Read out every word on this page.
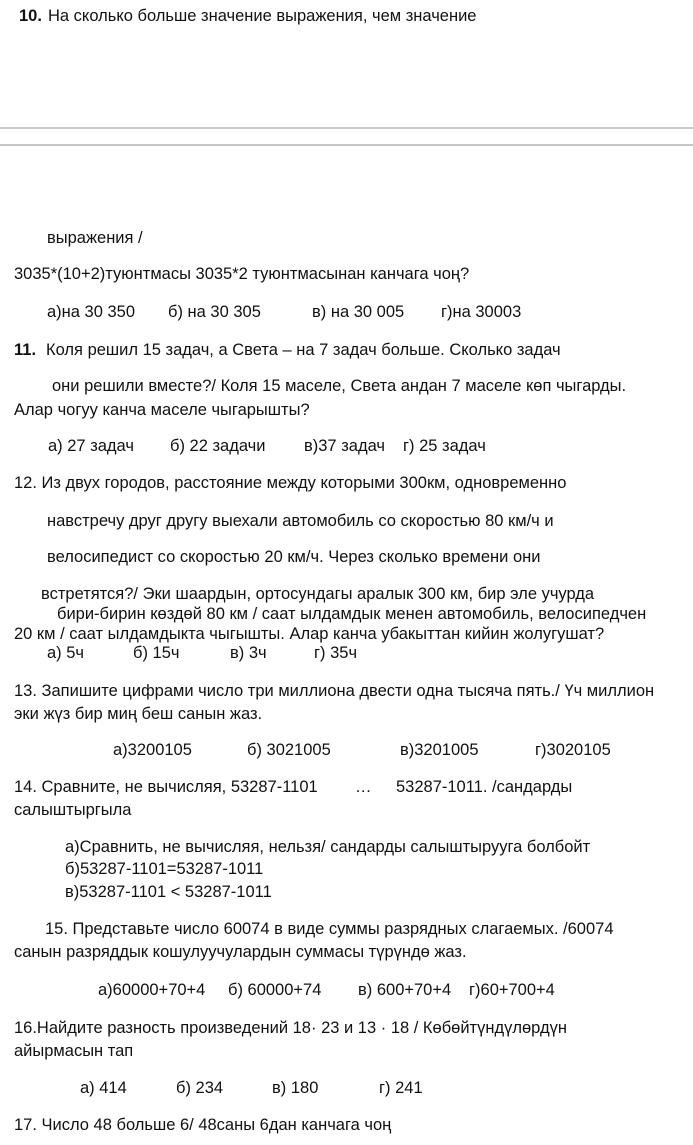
10. На сколько больше значение выражения, чем значение
выражения /
3035*(10+2)туюнтмасы 3035*2 туюнтмасынан канчага чоң?
а)на 30 350 б) на 30 305	в) на 30 005 г)на 30003
11. Коля решил 15 задач, а Света – на 7 задач больше. Сколько задач
они решили вместе?/ Коля 15 маселе, Света андан 7 маселе көп чыгарды.
Алар чогуу канча маселе чыгарышты?
а) 27 задач б) 22 задачи в)37 задач г) 25 задач
12. Из двух городов, расстояние между которыми 300км, одновременно
навстречу друг другу выехали автомобиль со скоростью 80 км/ч и
велосипедист со скоростью 20 км/ч. Через сколько времени они
встретятся?/ Эки шаардын, ортосундагы аралык 300 км, бир эле учурда
бири-бирин көздөй 80 км / саат ылдамдык менен автомобиль, велосипедчен
20 км / саат ылдамдыкта чыгышты. Алар канча убакыттан кийин жолугушат?
а) 5ч	б) 15ч	в) 3ч	г) 35ч
13. Запишите цифрами число три миллиона двести одна тысяча пять./ Үч миллион
эки жүз бир миң беш санын жаз.
а)3200105	б) 3021005	в)3201005	г)3020105
14. Сравните, не вычисляя, 53287-1101 … 53287-1011. /сандарды
салыштыргыла
а)Сравнить, не вычисляя, нельзя/ сандарды салыштырууга болбойт
б)53287-1101=53287-1011
в)53287-1101 < 53287-1011
15. Представьте число 60074 в виде суммы разрядных слагаемых. /60074
санын разряддык кошулуучулардын суммасы түрүндө жаз.
а)60000+70+4 б) 60000+74 в) 600+70+4 г)60+700+4
16.Найдите разность произведений 18· 23 и 13 · 18 / Көбөйтүндүлөрдүн
айырмасын тап
а) 414	б) 234	в) 180	г) 241
17. Число 48 больше 6/ 48саны 6дан канчага чоң
